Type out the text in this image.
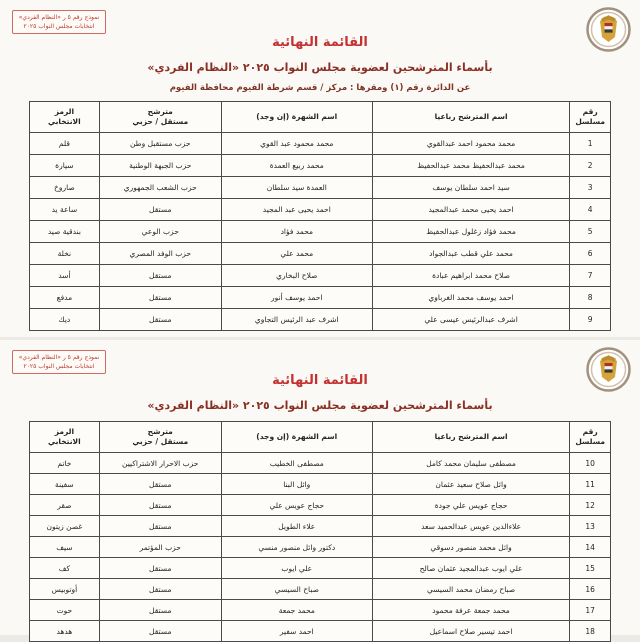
نموذج رقم ٥ ر «النظام الفردي»
انتخابات مجلس النواب ٢٠٢٥
القائمة النهائية
بأسماء المترشحين لعضوية مجلس النواب ٢٠٢٥ «النظام الفردي»
عن الدائرة رقم (١) ومقرها : مركز / قسم شرطة الفيوم محافظة الفيوم
رقم
مسلسل
	اسم المترشح رباعيا	اسم الشهرة (إن وجد)	
مترشح
مستقل / حزبي

الرمز
الانتخابي

1	محمد محمود احمد عبدالقوي	محمد محمود عبد القوي	حزب مستقبل وطن	قلم
2	محمد عبدالحفيظ محمد عبدالحفيظ	محمد ربيع العمدة	حزب الجبهة الوطنية	سيارة
3	سيد احمد سلطان يوسف	العمدة سيد سلطان	حزب الشعب الجمهوري	صاروخ
4	احمد يحيى محمد عبدالمجيد	احمد يحيى عبد المجيد	مستقل	ساعة يد
5	محمد فؤاد زغلول عبدالحفيظ	محمد فؤاد	حزب الوعي	بندقية صيد
6	محمد علي قطب عبدالجواد	محمد علي	حزب الوفد المصري	نخلة
7	صلاح محمد ابراهيم عبادة	صلاح البخاري	مستقل	أسد
8	احمد يوسف محمد الغرباوي	احمد يوسف أنور	مستقل	مدفع
9	اشرف عبدالرئيس عيسى علي	اشرف عبد الرئيس التجاوي	مستقل	ديك
نموذج رقم ٥ ر «النظام الفردي»
انتخابات مجلس النواب ٢٠٢٥
القائمة النهائية
بأسماء المترشحين لعضوية مجلس النواب ٢٠٢٥ «النظام الفردي»
رقم
مسلسل
	اسم المترشح رباعيا	اسم الشهرة (إن وجد)	
مترشح
مستقل / حزبي

الرمز
الانتخابي

10	مصطفى سليمان محمد كامل	مصطفى الخطيب	حزب الاحرار الاشتراكيين	خاتم
11	وائل صلاح سعيد عثمان	وائل البنا	مستقل	سفينة
12	حجاج عويس علي جودة	حجاج عويس علي	مستقل	صقر
13	علاءالدين عويس عبدالحميد سعد	علاء الطويل	مستقل	غصن زيتون
14	وائل محمد منصور دسوقي	دكتور وائل منصور منسي	حزب المؤتمر	سيف
15	علي ايوب عبدالمجيد عثمان صالح	علي ايوب	مستقل	كف
16	صباح رمضان محمد السيسي	صباح السيسي	مستقل	أوتوبيس
17	محمد جمعة عرفة محمود	محمد جمعة	مستقل	حوت
18	احمد تيسير صلاح اسماعيل	احمد سفير	مستقل	هدهد
